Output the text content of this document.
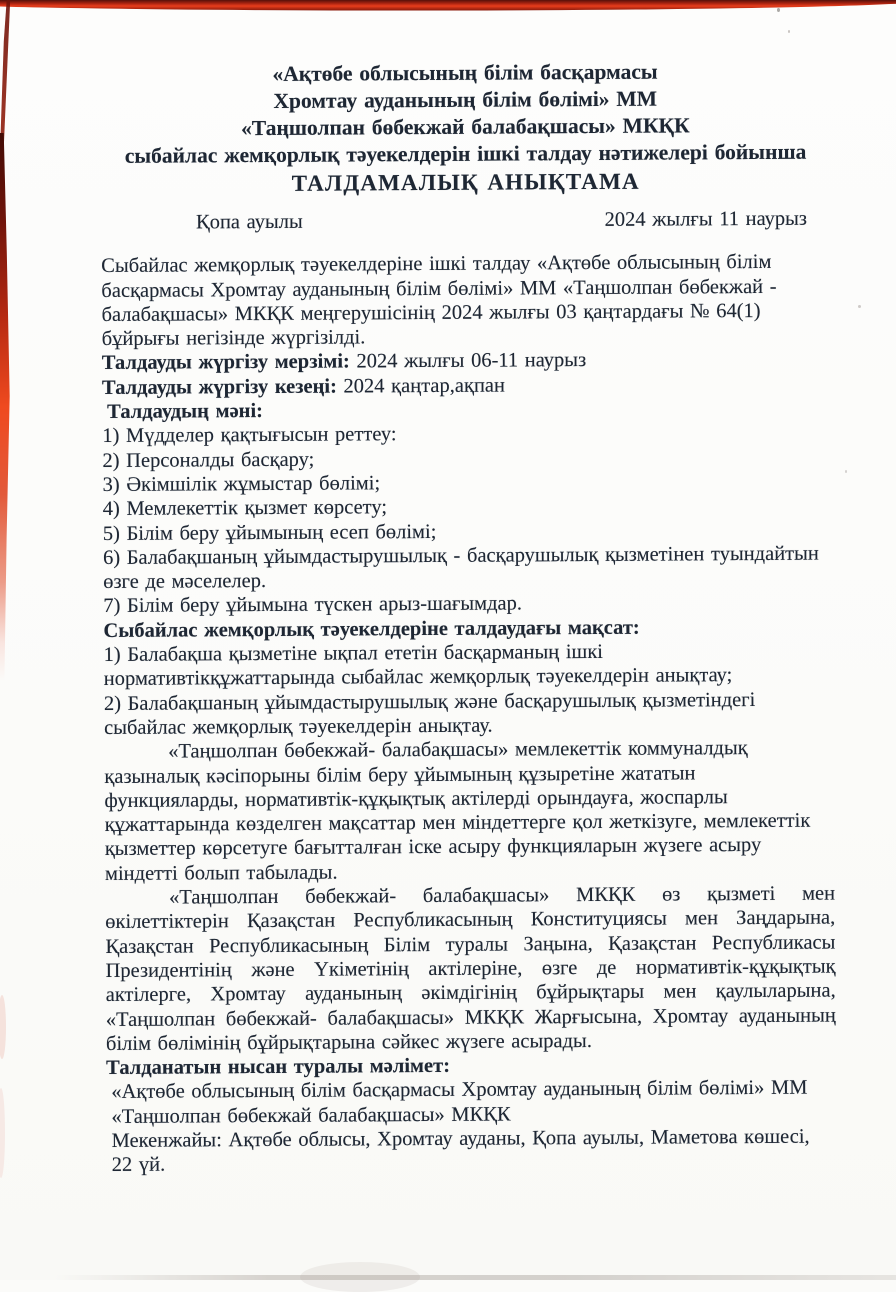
«Ақтөбе облысының білім басқармасы

Хромтау ауданының білім бөлімі» ММ

«Таңшолпан бөбекжай балабақшасы» МКҚК

сыбайлас жемқорлық тәуекелдерін ішкі талдау нәтижелері бойынша

ТАЛДАМАЛЫҚ АНЫҚТАМА

Қопа ауылы	2024 жылғы 11 наурыз

Сыбайлас жемқорлық тәуекелдеріне ішкі талдау «Ақтөбе облысының білім басқармасы Хромтау ауданының білім бөлімі» ММ «Таңшолпан бөбекжай - балабақшасы» МКҚК меңгерушісінің 2024 жылғы 03 қаңтардағы № 64(1) бұйрығы негізінде жүргізілді.

Талдауды жүргізу мерзімі: 2024 жылғы 06-11 наурыз

Талдауды жүргізу кезеңі: 2024 қаңтар,ақпан

Талдаудың мәні:

1) Мүдделер қақтығысын реттеу:

2) Персоналды басқару;

3) Әкімшілік жұмыстар бөлімі;

4) Мемлекеттік қызмет көрсету;

5) Білім беру ұйымының есеп бөлімі;

6) Балабақшаның ұйымдастырушылық - басқарушылық қызметінен туындайтын өзге де мәселелер.

7) Білім беру ұйымына түскен арыз-шағымдар.

Сыбайлас жемқорлық тәуекелдеріне талдаудағы мақсат:

1) Балабақша қызметіне ықпал ететін басқарманың ішкі нормативтікқұжаттарында сыбайлас жемқорлық тәуекелдерін анықтау;

2) Балабақшаның ұйымдастырушылық және басқарушылық қызметіндегі сыбайлас жемқорлық тәуекелдерін анықтау.

«Таңшолпан бөбекжай- балабақшасы» мемлекеттік коммуналдық қазыналық кәсіпорыны білім беру ұйымының құзыретіне жататын функцияларды, нормативтік-құқықтық актілерді орындауға, жоспарлы құжаттарында көзделген мақсаттар мен міндеттерге қол жеткізуге, мемлекеттік қызметтер көрсетуге бағытталған іске асыру функцияларын жүзеге асыру міндетті болып табылады.

«Таңшолпан бөбекжай- балабақшасы» МКҚК өз қызметі мен өкілеттіктерін Қазақстан Республикасының Конституциясы мен Заңдарына, Қазақстан Республикасының Білім туралы Заңына, Қазақстан Республикасы Президентінің және Үкіметінің актілеріне, өзге де нормативтік-құқықтық актілерге, Хромтау ауданының әкімдігінің бұйрықтары мен қаулыларына, «Таңшолпан бөбекжай- балабақшасы» МКҚК Жарғысына, Хромтау ауданының білім бөлімінің бұйрықтарына сәйкес жүзеге асырады.

Талданатын нысан туралы мәлімет:

«Ақтөбе облысының білім басқармасы Хромтау ауданының білім бөлімі» ММ «Таңшолпан бөбекжай балабақшасы» МКҚК

Мекенжайы: Ақтөбе облысы, Хромтау ауданы, Қопа ауылы, Маметова көшесі, 22 үй.
